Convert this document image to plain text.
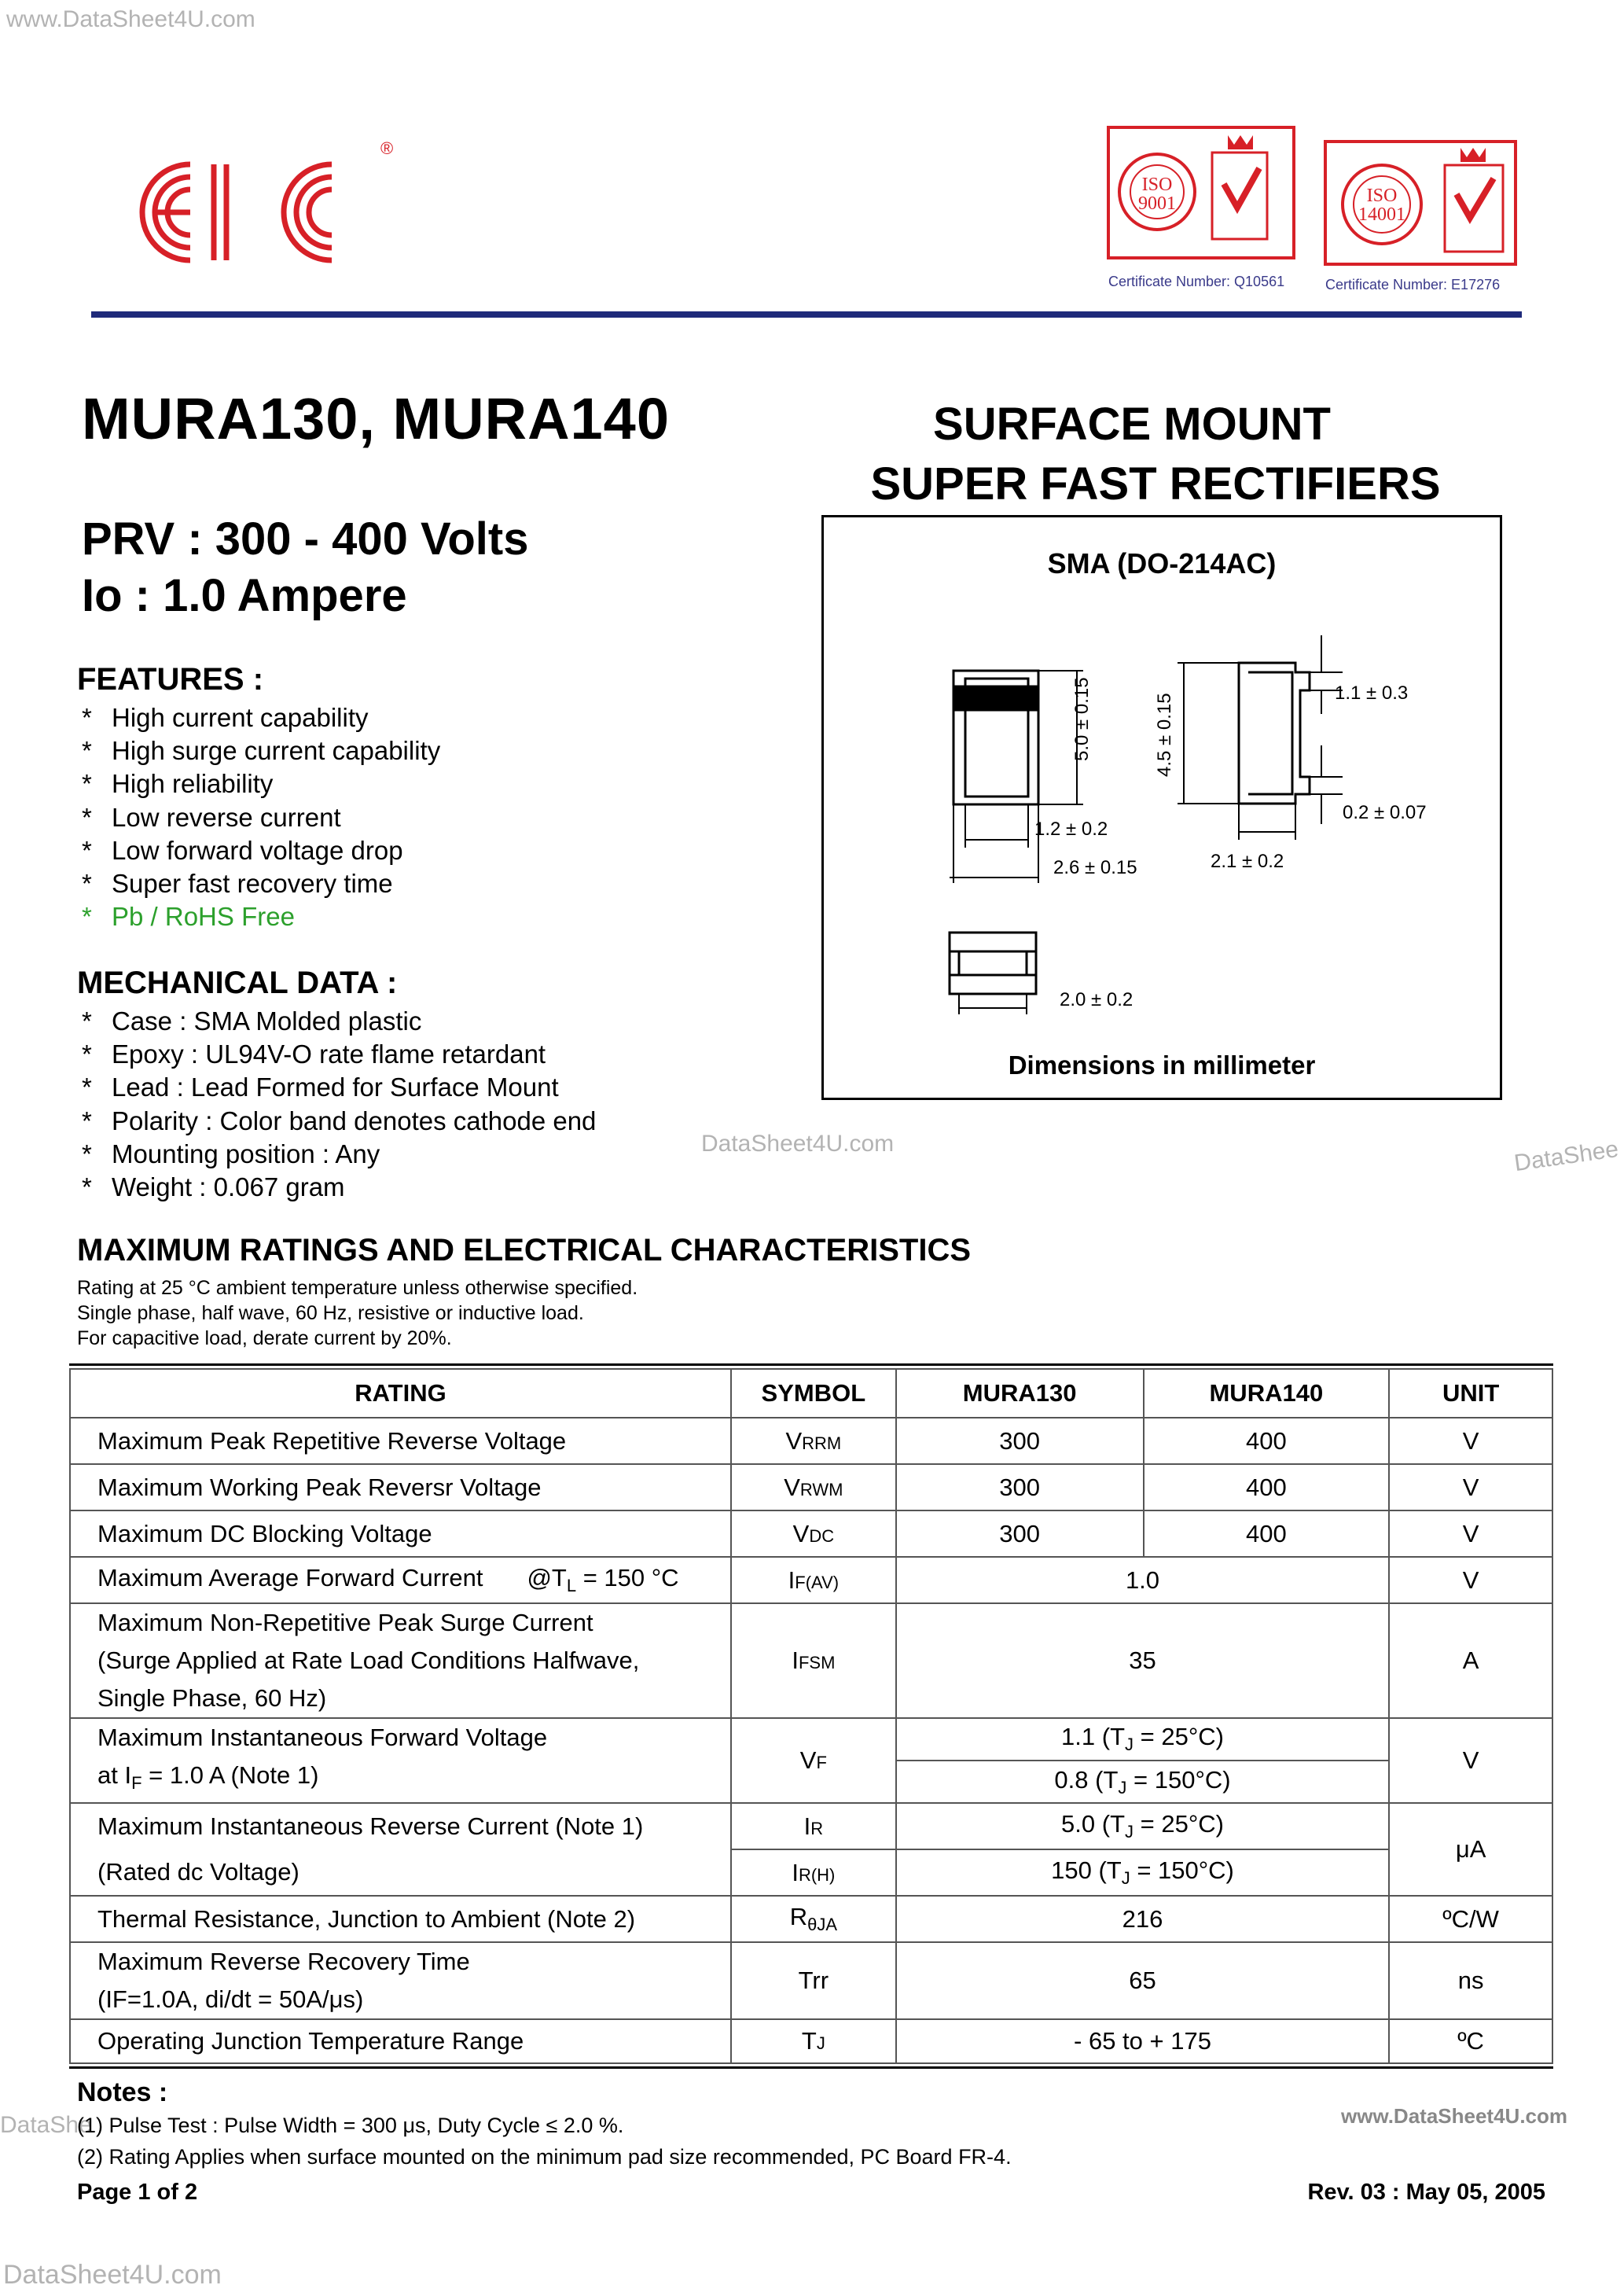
www.DataSheet4U.com
DataSheet4U.com	DataShee
DataShe	www.DataSheet4U.com
DataSheet4U.com
®
ISO
9001
Certificate Number: Q10561
ISO
14001
Certificate Number: E17276
MURA130, MURA140
PRV : 300 - 400 Volts
Io : 1.0 Ampere
SURFACE MOUNT
SUPER FAST RECTIFIERS
FEATURES :
* High current capability
* High surge current capability
* High reliability
* Low reverse current
* Low forward voltage drop
* Super fast recovery time
* Pb / RoHS Free
MECHANICAL DATA :
* Case : SMA Molded plastic
* Epoxy : UL94V-O rate flame retardant
* Lead : Lead Formed for Surface Mount
* Polarity : Color band denotes cathode end
* Mounting position : Any
* Weight : 0.067 gram
SMA (DO-214AC)
5.0 ± 0.15	4.5 ± 0.15	1.1 ± 0.3
0.2 ± 0.07
1.2 ± 0.2
2.6 ± 0.15	2.1 ± 0.2
2.0 ± 0.2
Dimensions in millimeter
MAXIMUM RATINGS AND ELECTRICAL CHARACTERISTICS
Rating at 25 °C ambient temperature unless otherwise specified.
Single phase, half wave, 60 Hz, resistive or inductive load.
For capacitive load, derate current by 20%.
RATING	SYMBOL	MURA130	MURA140	UNIT
Maximum Peak Repetitive Reverse Voltage	VRRM	300	400	V
Maximum Working Peak Reversr Voltage	VRWM	300	400	V
Maximum DC Blocking Voltage	VDC	300	400	V
Maximum Average Forward Current $@T_L = 150$ °C	IF(AV)	1.0		V

Maximum Non-Repetitive Peak Surge Current
(Surge Applied at Rate Load Conditions Halfwave,
Single Phase, 60 Hz)	IFSM	35		A

Maximum Instantaneous Forward Voltage
at $I_F = 1.0$ A (Note 1)	VF	1.1 $(T_J = 25^\circ C)$		V
		0.8 $(T_J = 150^\circ C)$		

Maximum Instantaneous Reverse Current (Note 1)
(Rated dc Voltage)	IR	5.0 $(T_J = 25^\circ C)$		μA
	IR(H)	150 $(T_J = 150^\circ C)$		
Thermal Resistance, Junction to Ambient (Note 2)	$R_{\theta JA}$	216		ºC/W

Maximum Reverse Recovery Time
(IF=1.0A, di/dt = 50A/μs)	Trr	65		ns
Operating Junction Temperature Range	TJ	- 65 to + 175		ºC
Notes :
(1) Pulse Test : Pulse Width = 300 μs, Duty Cycle ≤ 2.0 %.
(2) Rating Applies when surface mounted on the minimum pad size recommended, PC Board FR-4.
Page 1 of 2	Rev. 03 : May 05, 2005
